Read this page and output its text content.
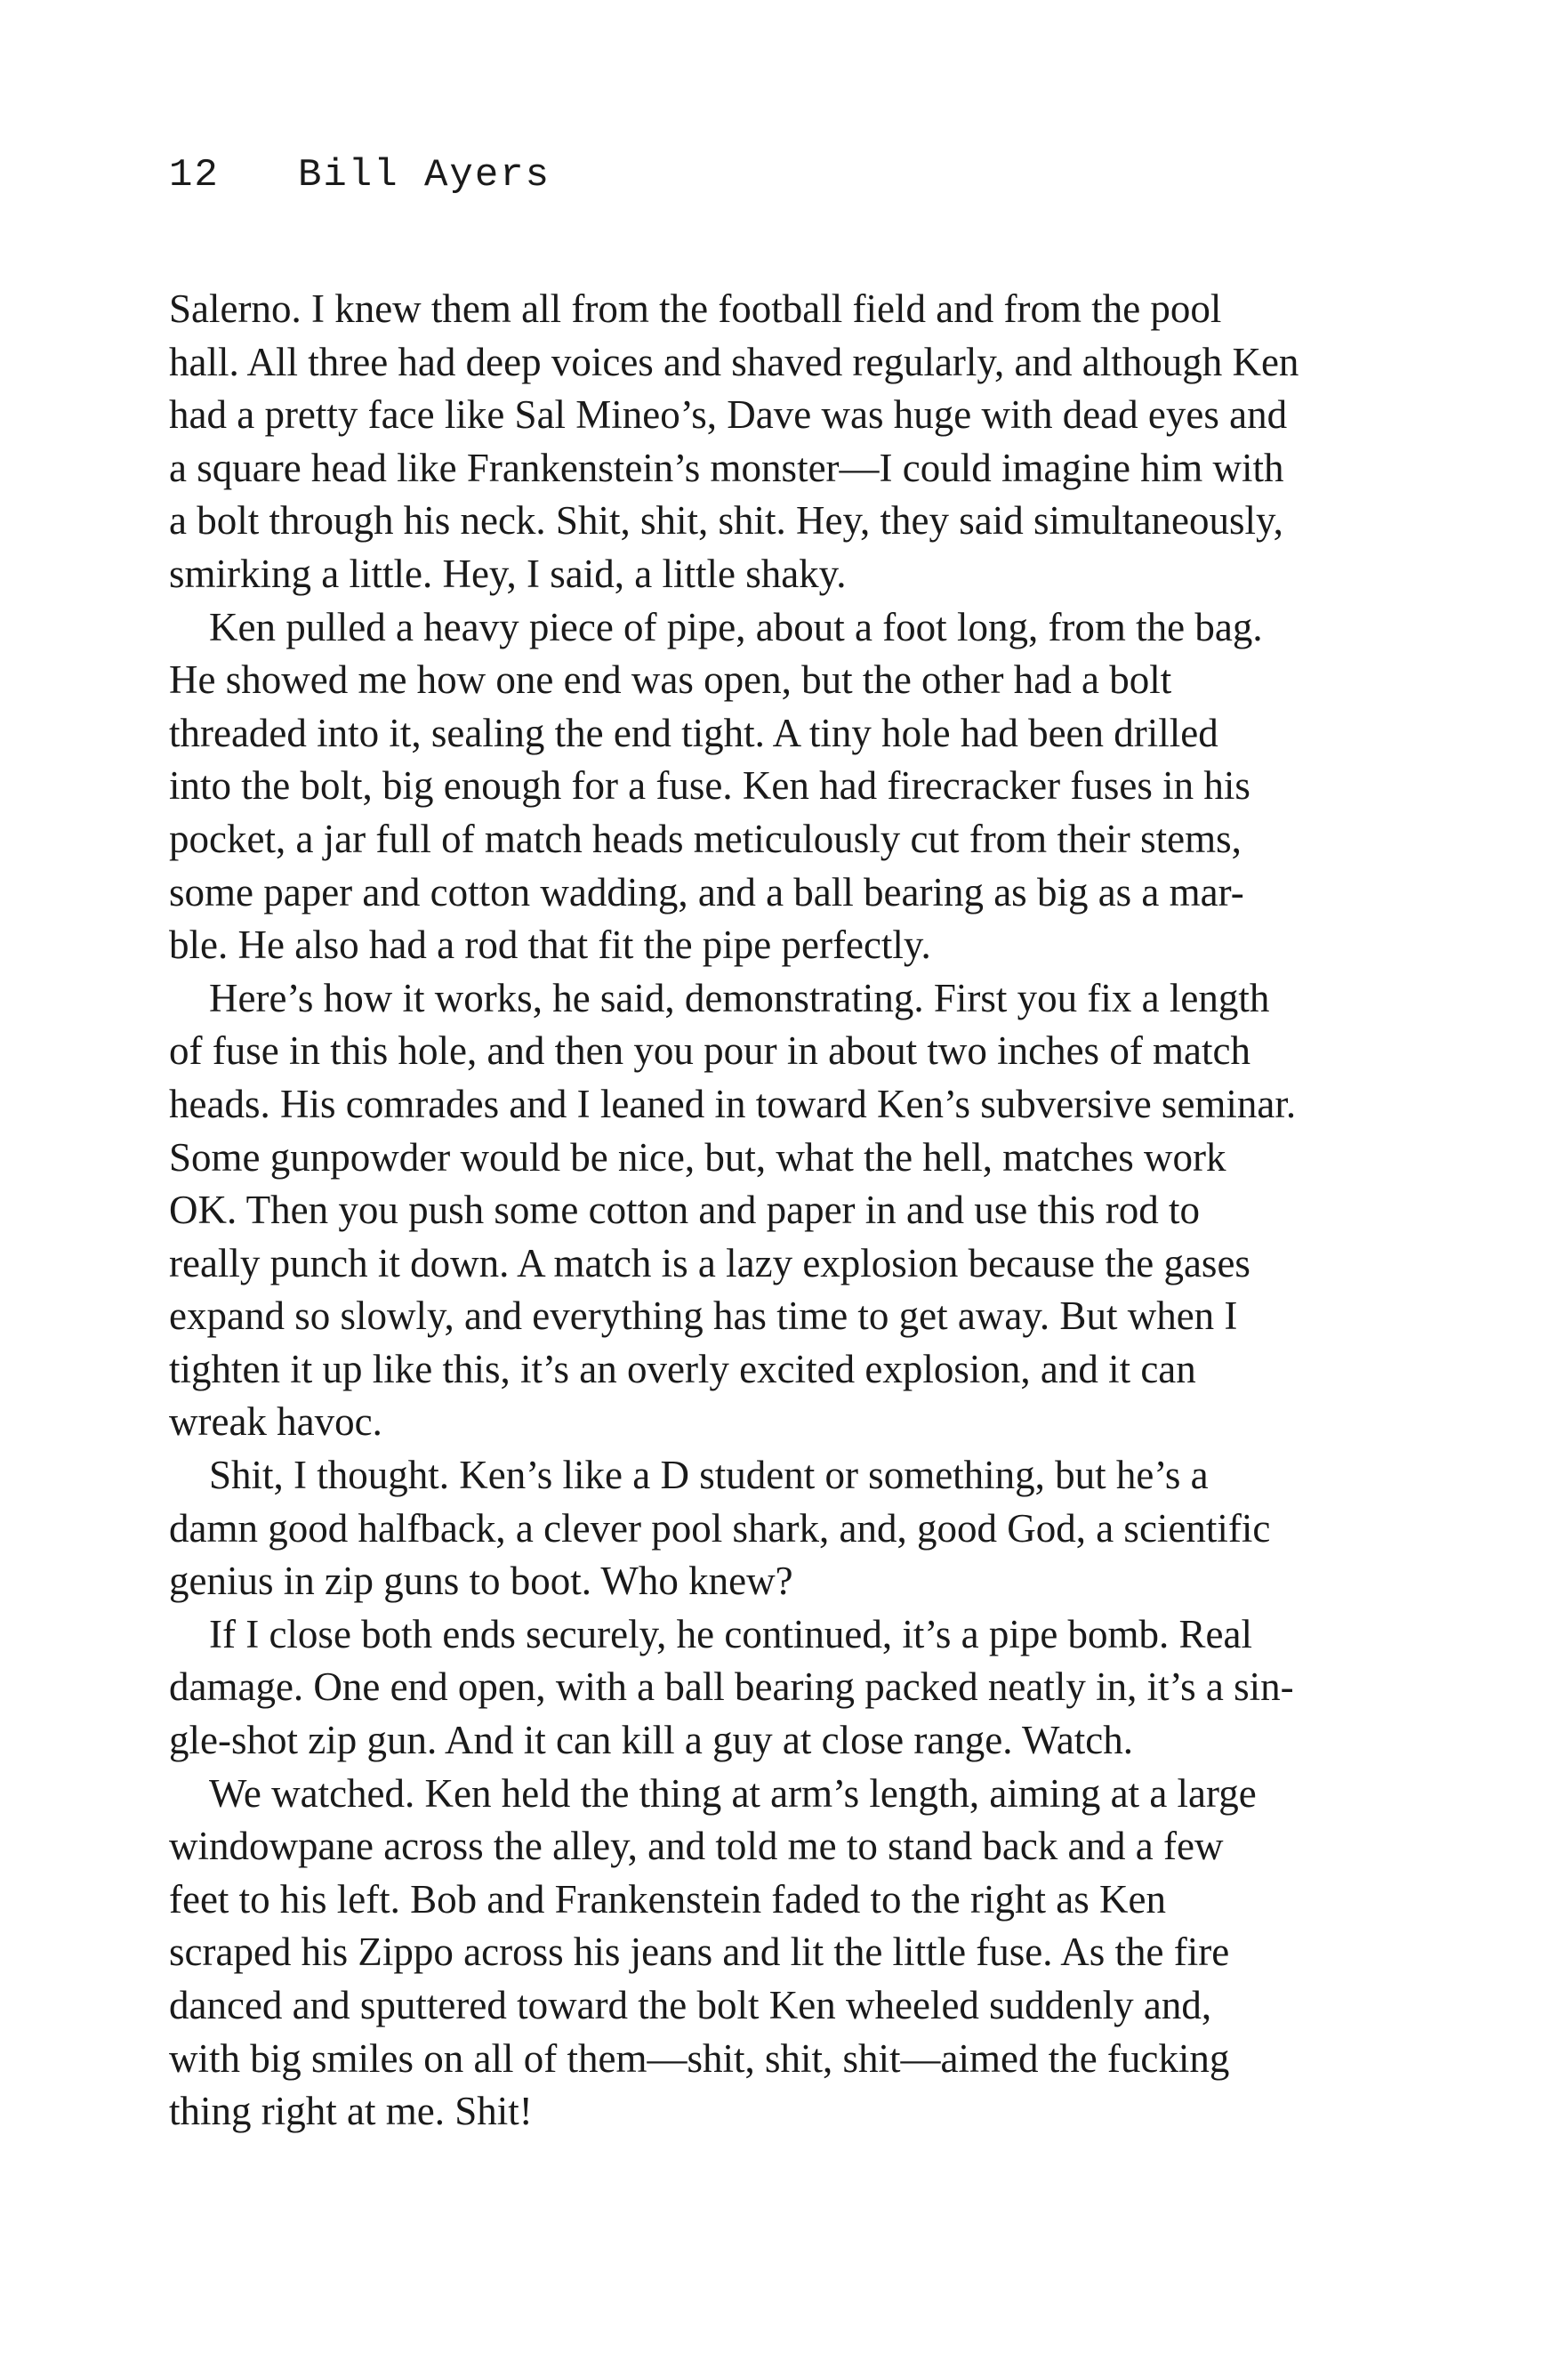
12 Bill Ayers
Salerno. I knew them all from the football field and from the pool
hall. All three had deep voices and shaved regularly, and although Ken
had a pretty face like Sal Mineo’s, Dave was huge with dead eyes and
a square head like Frankenstein’s monster—I could imagine him with
a bolt through his neck. Shit, shit, shit. Hey, they said simultaneously,
smirking a little. Hey, I said, a little shaky.
Ken pulled a heavy piece of pipe, about a foot long, from the bag.
He showed me how one end was open, but the other had a bolt
threaded into it, sealing the end tight. A tiny hole had been drilled
into the bolt, big enough for a fuse. Ken had firecracker fuses in his
pocket, a jar full of match heads meticulously cut from their stems,
some paper and cotton wadding, and a ball bearing as big as a mar-
ble. He also had a rod that fit the pipe perfectly.
Here’s how it works, he said, demonstrating. First you fix a length
of fuse in this hole, and then you pour in about two inches of match
heads. His comrades and I leaned in toward Ken’s subversive seminar.
Some gunpowder would be nice, but, what the hell, matches work
OK. Then you push some cotton and paper in and use this rod to
really punch it down. A match is a lazy explosion because the gases
expand so slowly, and everything has time to get away. But when I
tighten it up like this, it’s an overly excited explosion, and it can
wreak havoc.
Shit, I thought. Ken’s like a D student or something, but he’s a
damn good halfback, a clever pool shark, and, good God, a scientific
genius in zip guns to boot. Who knew?
If I close both ends securely, he continued, it’s a pipe bomb. Real
damage. One end open, with a ball bearing packed neatly in, it’s a sin-
gle-shot zip gun. And it can kill a guy at close range. Watch.
We watched. Ken held the thing at arm’s length, aiming at a large
windowpane across the alley, and told me to stand back and a few
feet to his left. Bob and Frankenstein faded to the right as Ken
scraped his Zippo across his jeans and lit the little fuse. As the fire
danced and sputtered toward the bolt Ken wheeled suddenly and,
with big smiles on all of them—shit, shit, shit—aimed the fucking
thing right at me. Shit!
